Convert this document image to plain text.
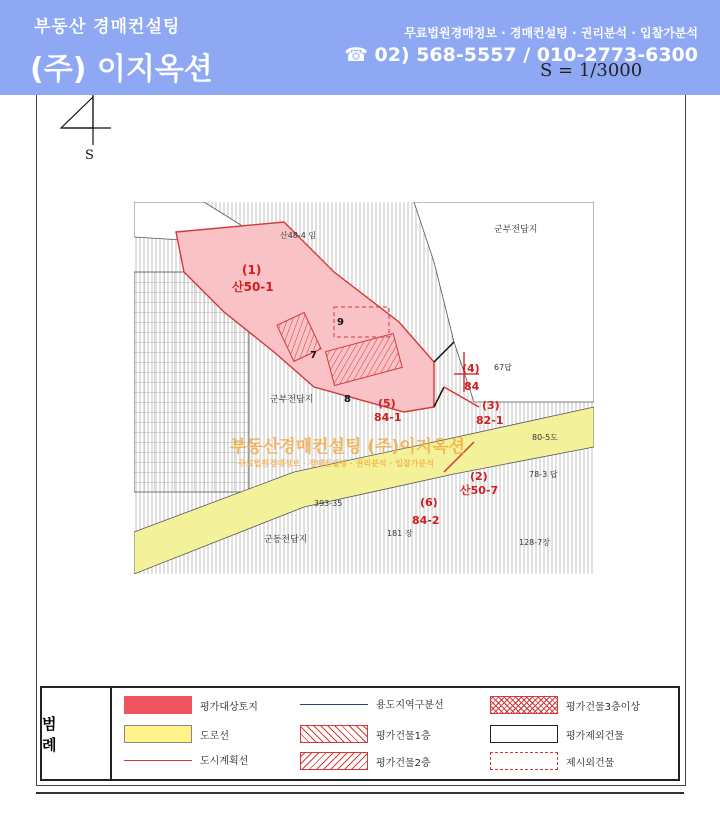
부동산 경매컨설팅
(주) 이지옥션
무료법원경매정보 · 경매컨설팅 · 권리분석 · 입찰가분석
☎ 02) 568-5557 / 010-2773-6300
S = 1/3000
S
(1)
산50-1
(2)
산50-7
(3)
82-1
(4)
84
(5)
84-1
(6)
84-2
7
8
9
군부전답지
군동전답지
군부전답지
80-5도
78-3 답
128-7장
181 장
67답
산48-4 임
393-35
부동산경매컨설팅 (주)이지옥션
무료법원경매정보 · 경매컨설팅 · 권리분석 · 입찰가분석
범 례
평가대상토지
도로선
도시계획선
용도지역구분선
평가건물1층
평가건물2층
평가건물3층이상
평가제외건물
제시외건물
